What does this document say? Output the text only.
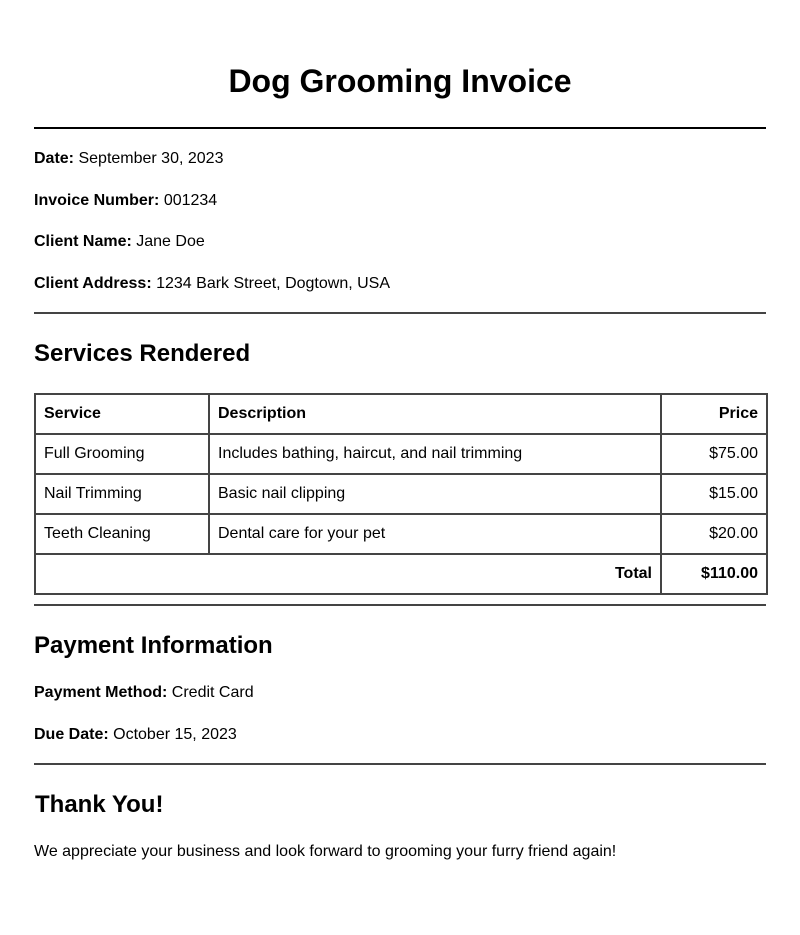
Dog Grooming Invoice
Date: September 30, 2023
Invoice Number: 001234
Client Name: Jane Doe
Client Address: 1234 Bark Street, Dogtown, USA
Services Rendered
Service	Description	Price
Full Grooming	Includes bathing, haircut, and nail trimming	$75.00
Nail Trimming	Basic nail clipping	$15.00
Teeth Cleaning	Dental care for your pet	$20.00
Total		$110.00
Payment Information
Payment Method: Credit Card
Due Date: October 15, 2023
Thank You!
We appreciate your business and look forward to grooming your furry friend again!
